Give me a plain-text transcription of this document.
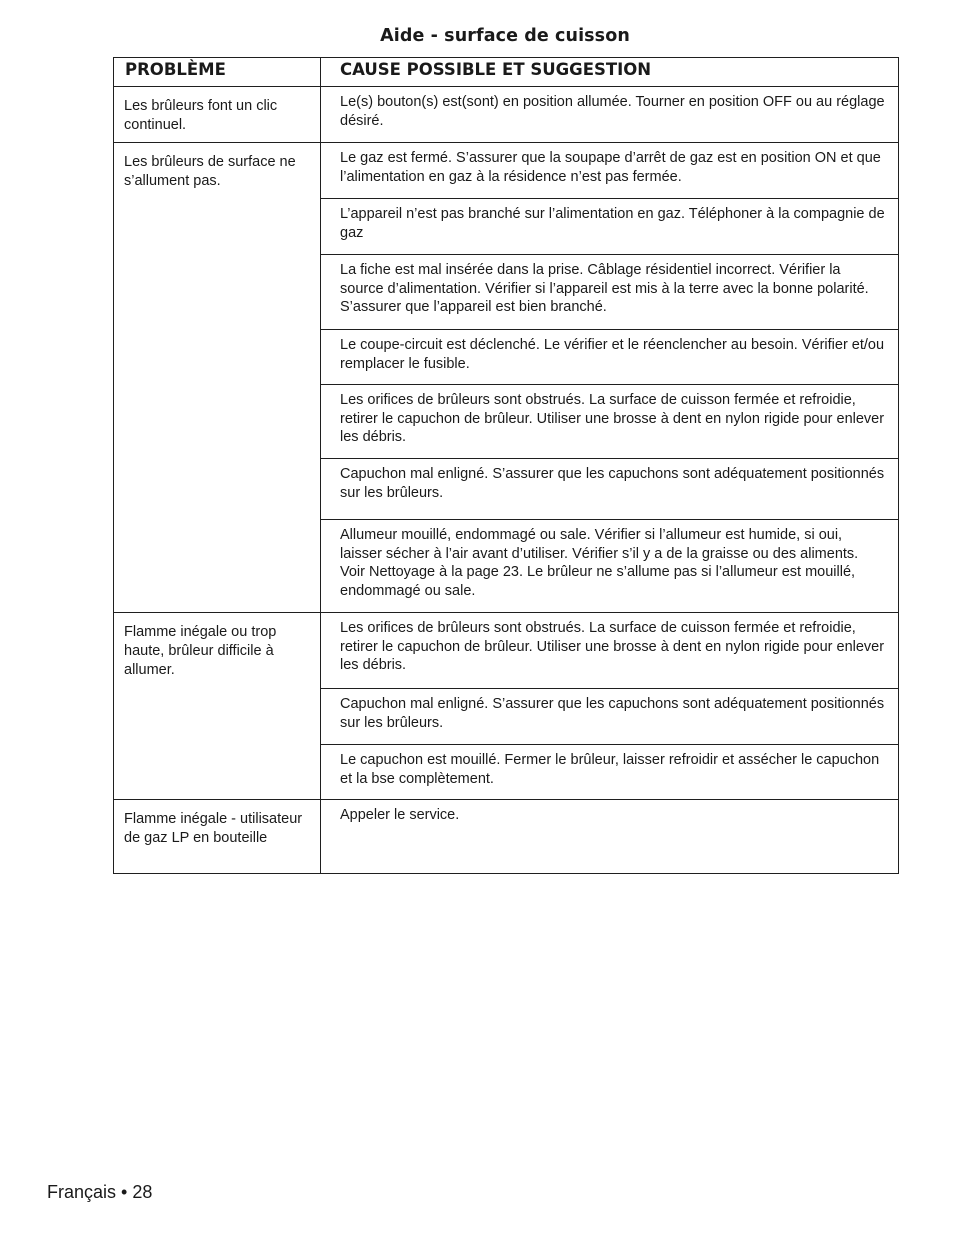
Aide - surface de cuisson
PROBLÈME	CAUSE POSSIBLE ET SUGGESTION
Les brûleurs font un clic continuel.	Le(s) bouton(s) est(sont) en position allumée. Tourner en position OFF ou au réglage désiré.
Les brûleurs de surface ne s’allument pas.	Le gaz est fermé. S’assurer que la soupape d’arrêt de gaz est en position ON et que l’alimentation en gaz à la résidence n’est pas fermée.
	L’appareil n’est pas branché sur l’alimentation en gaz. Téléphoner à la compagnie de gaz
	La fiche est mal insérée dans la prise. Câblage résidentiel incorrect. Vérifier la source d’alimentation. Vérifier si l’appareil est mis à la terre avec la bonne polarité. S’assurer que l’appareil est bien branché.
	Le coupe-circuit est déclenché. Le vérifier et le réenclencher au besoin. Vérifier et/ou remplacer le fusible.
	Les orifices de brûleurs sont obstrués. La surface de cuisson fermée et refroidie, retirer le capuchon de brûleur. Utiliser une brosse à dent en nylon rigide pour enlever les débris.
	Capuchon mal enligné. S’assurer que les capuchons sont adéquatement positionnés sur les brûleurs.
	Allumeur mouillé, endommagé ou sale. Vérifier si l’allumeur est humide, si oui, laisser sécher à l’air avant d’utiliser. Vérifier s’il y a de la graisse ou des aliments. Voir Nettoyage à la page 23. Le brûleur ne s’allume pas si l’allumeur est mouillé, endommagé ou sale.
Flamme inégale ou trop haute, brûleur difficile à allumer.	Les orifices de brûleurs sont obstrués. La surface de cuisson fermée et refroidie, retirer le capuchon de brûleur. Utiliser une brosse à dent en nylon rigide pour enlever les débris.
	Capuchon mal enligné. S’assurer que les capuchons sont adéquatement positionnés sur les brûleurs.
	Le capuchon est mouillé. Fermer le brûleur, laisser refroidir et assécher le capuchon et la bse complètement.
Flamme inégale - utilisateur de gaz LP en bouteille	Appeler le service.
Français • 28
